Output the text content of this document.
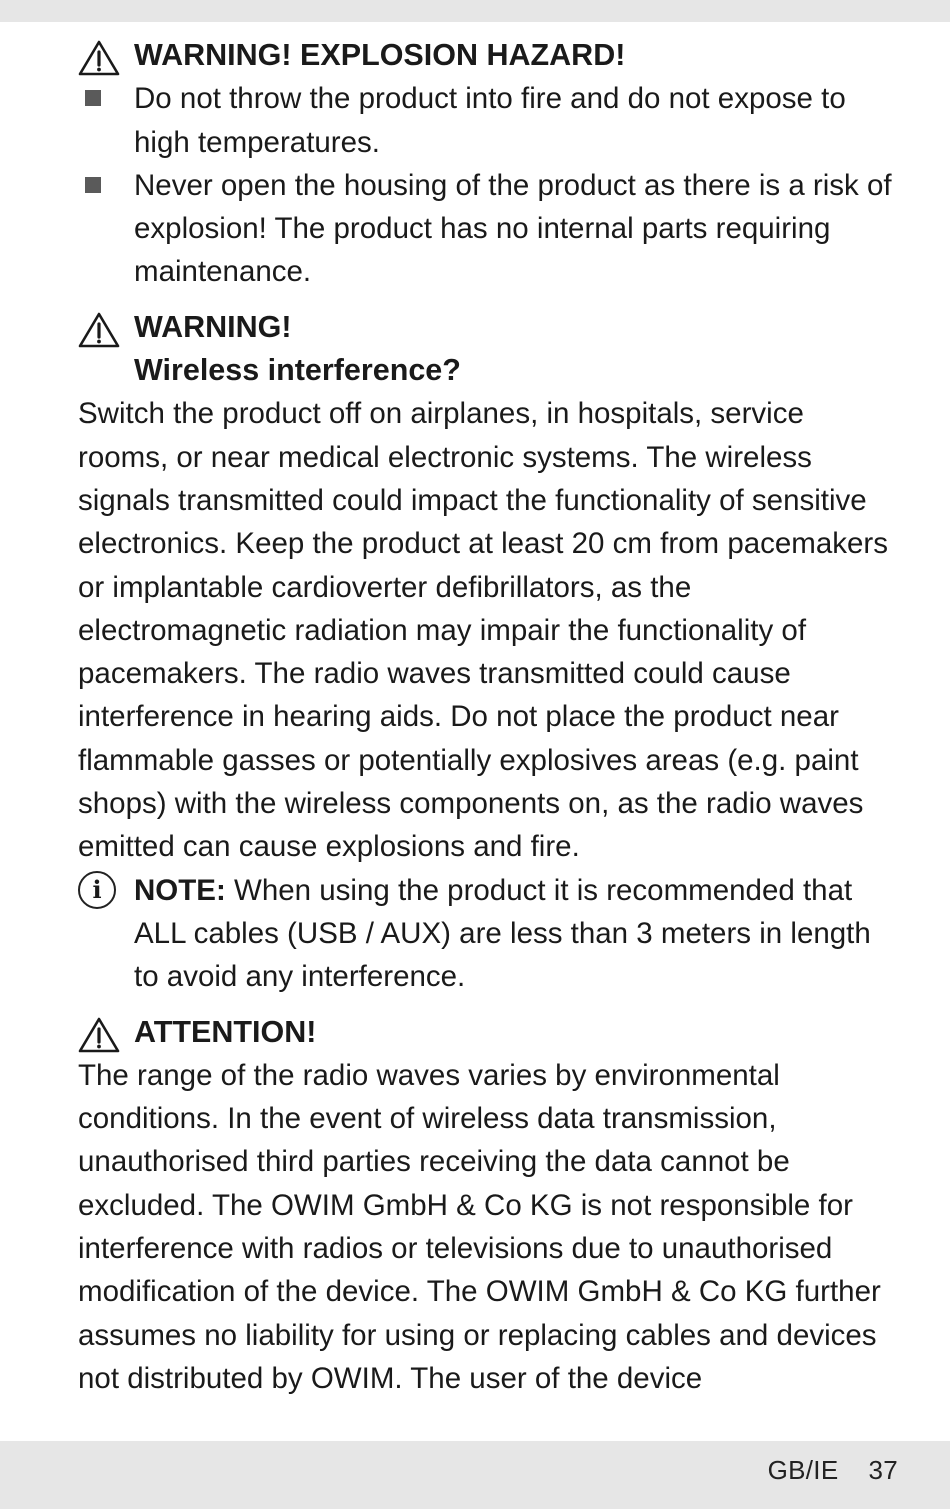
WARNING! EXPLOSION HAZARD!
Do not throw the product into fire and do not expose to high temperatures.
Never open the housing of the product as there is a risk of explosion! The product has no internal parts requiring maintenance.
WARNING!
Wireless interference?

Switch the product off on airplanes, in hospitals, service rooms, or near medical electronic systems. The wireless signals transmitted could impact the functionality of sensitive electronics. Keep the product at least 20 cm from pacemakers or implantable cardioverter defibrillators, as the electromagnetic radiation may impair the functionality of pacemakers. The radio waves transmitted could cause interference in hearing aids. Do not place the product near flammable gasses or potentially explosives areas (e.g. paint shops) with the wireless components on, as the radio waves emitted can cause explosions and fire.

i	NOTE: When using the product it is recommended that ALL cables (USB / AUX) are less than 3 meters in length to avoid any interference.
ATTENTION!

The range of the radio waves varies by environmental conditions. In the event of wireless data transmission, unauthorised third parties receiving the data cannot be excluded. The OWIM GmbH & Co KG is not responsible for interference with radios or televisions due to unauthorised modification of the device. The OWIM GmbH & Co KG further assumes no liability for using or replacing cables and devices not distributed by OWIM. The user of the device

GB/IE 37
